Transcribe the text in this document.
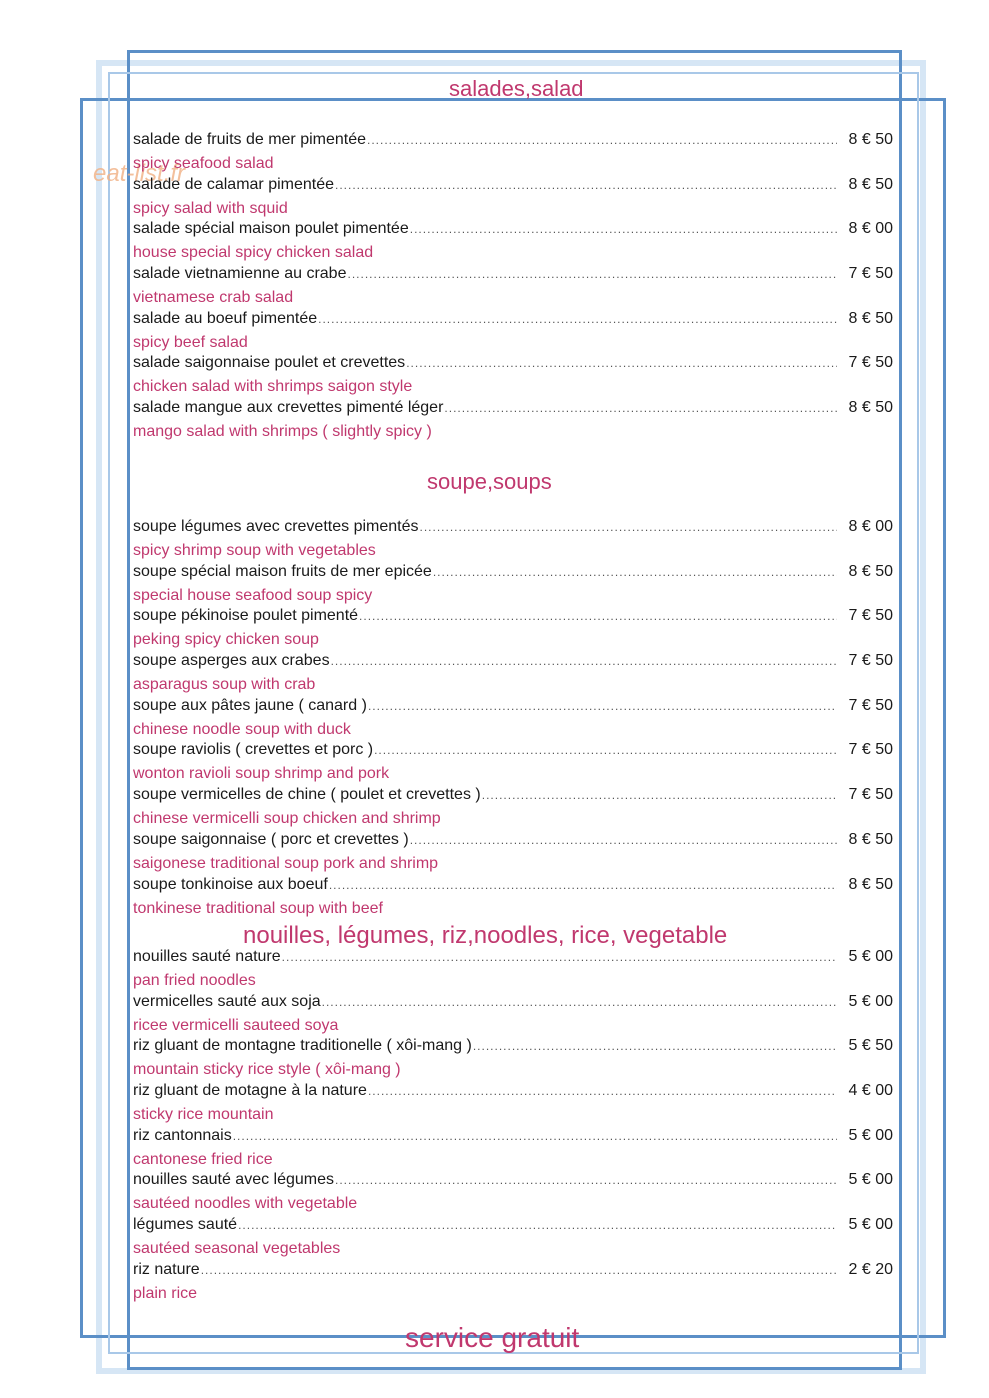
eat-list.fr
salades,salad
salade de fruits de mer pimentée .....	8 € 50
spicy seafood salad
salade de calamar pimentée .....	8 € 50
spicy salad with squid
salade spécial maison poulet pimentée .....	8 € 00
house special spicy chicken salad
salade vietnamienne au crabe .....	7 € 50
vietnamese crab salad
salade au boeuf pimentée .....	8 € 50
spicy beef salad
salade saigonnaise poulet et crevettes .....	7 € 50
chicken salad with shrimps saigon style
salade mangue aux crevettes pimenté léger .....	8 € 50
mango salad with shrimps ( slightly spicy )
soupe,soups
soupe légumes avec crevettes pimentés .....	8 € 00
spicy shrimp soup with vegetables
soupe spécial maison fruits de mer epicée .....	8 € 50
special house seafood soup spicy
soupe pékinoise poulet pimenté .....	7 € 50
peking spicy chicken soup
soupe asperges aux crabes .....	7 € 50
asparagus soup with crab
soupe aux pâtes jaune ( canard ) .....	7 € 50
chinese noodle soup with duck
soupe raviolis ( crevettes et porc ) .....	7 € 50
wonton ravioli soup shrimp and pork
soupe vermicelles de chine ( poulet et crevettes ) .....	7 € 50
chinese vermicelli soup chicken and shrimp
soupe saigonnaise ( porc et crevettes ) .....	8 € 50
saigonese traditional soup pork and shrimp
soupe tonkinoise aux boeuf .....	8 € 50
tonkinese traditional soup with beef
nouilles, légumes, riz,noodles, rice, vegetable
nouilles sauté nature .....	5 € 00
pan fried noodles
vermicelles sauté aux soja .....	5 € 00
ricee vermicelli sauteed soya
riz gluant de montagne traditionelle ( xôi-mang ) .....	5 € 50
mountain sticky rice style ( xôi-mang )
riz gluant de motagne à la nature .....	4 € 00
sticky rice mountain
riz cantonnais .....	5 € 00
cantonese fried rice
nouilles sauté avec légumes .....	5 € 00
sautéed noodles with vegetable
légumes sauté .....	5 € 00
sautéed seasonal vegetables
riz nature .....	2 € 20
plain rice
service gratuit
